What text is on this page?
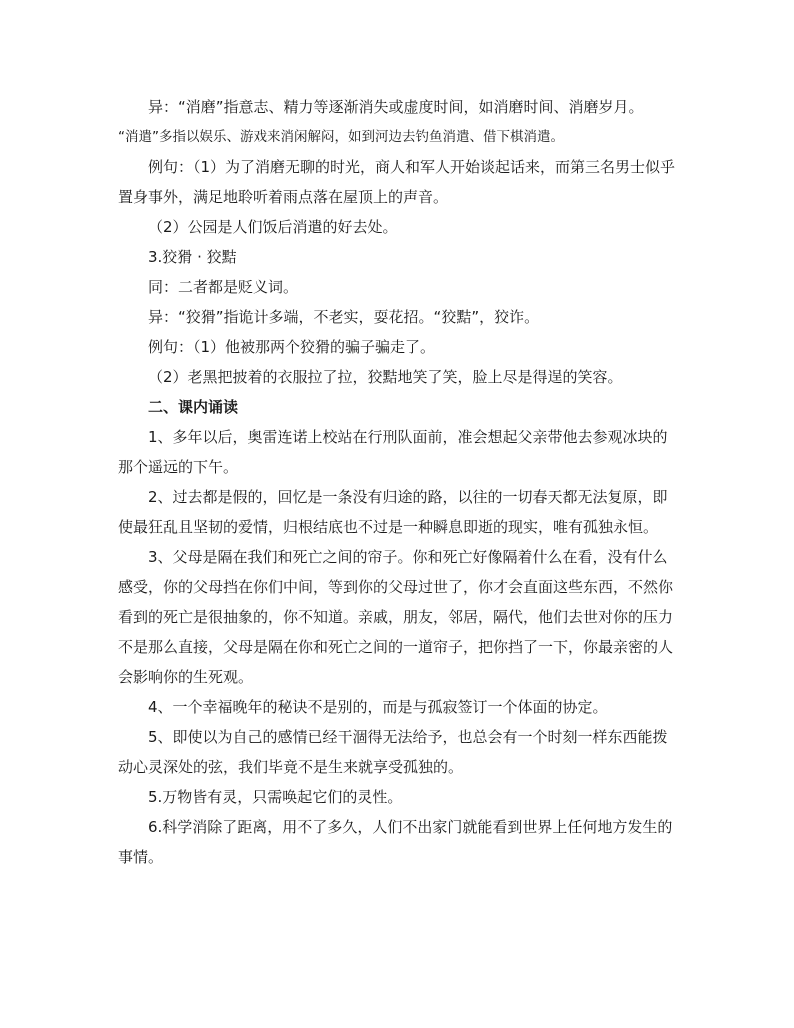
异：“消磨”指意志、精力等逐渐消失或虚度时间，如消磨时间、消磨岁月。

“消遣”多指以娱乐、游戏来消闲解闷，如到河边去钓鱼消遣、借下棋消遣。

例句：（1）为了消磨无聊的时光，商人和军人开始谈起话来，而第三名男士似乎置身事外，满足地聆听着雨点落在屋顶上的声音。

（2）公园是人们饭后消遣的好去处。

3.狡猾 · 狡黠

同：二者都是贬义词。

异：“狡猾”指诡计多端，不老实，耍花招。“狡黠”，狡诈。

例句：（1）他被那两个狡猾的骗子骗走了。

（2）老黑把披着的衣服拉了拉，狡黠地笑了笑，脸上尽是得逞的笑容。

二、课内诵读

1、多年以后，奥雷连诺上校站在行刑队面前，准会想起父亲带他去参观冰块的那个遥远的下午。

2、过去都是假的，回忆是一条没有归途的路，以往的一切春天都无法复原，即使最狂乱且坚韧的爱情，归根结底也不过是一种瞬息即逝的现实，唯有孤独永恒。

3、父母是隔在我们和死亡之间的帘子。你和死亡好像隔着什么在看，没有什么感受，你的父母挡在你们中间，等到你的父母过世了，你才会直面这些东西，不然你看到的死亡是很抽象的，你不知道。亲戚，朋友，邻居，隔代，他们去世对你的压力不是那么直接，父母是隔在你和死亡之间的一道帘子，把你挡了一下，你最亲密的人会影响你的生死观。

4、一个幸福晚年的秘诀不是别的，而是与孤寂签订一个体面的协定。

5、即使以为自己的感情已经干涸得无法给予，也总会有一个时刻一样东西能拨动心灵深处的弦，我们毕竟不是生来就享受孤独的。

5.万物皆有灵，只需唤起它们的灵性。

6.科学消除了距离，用不了多久，人们不出家门就能看到世界上任何地方发生的事情。
